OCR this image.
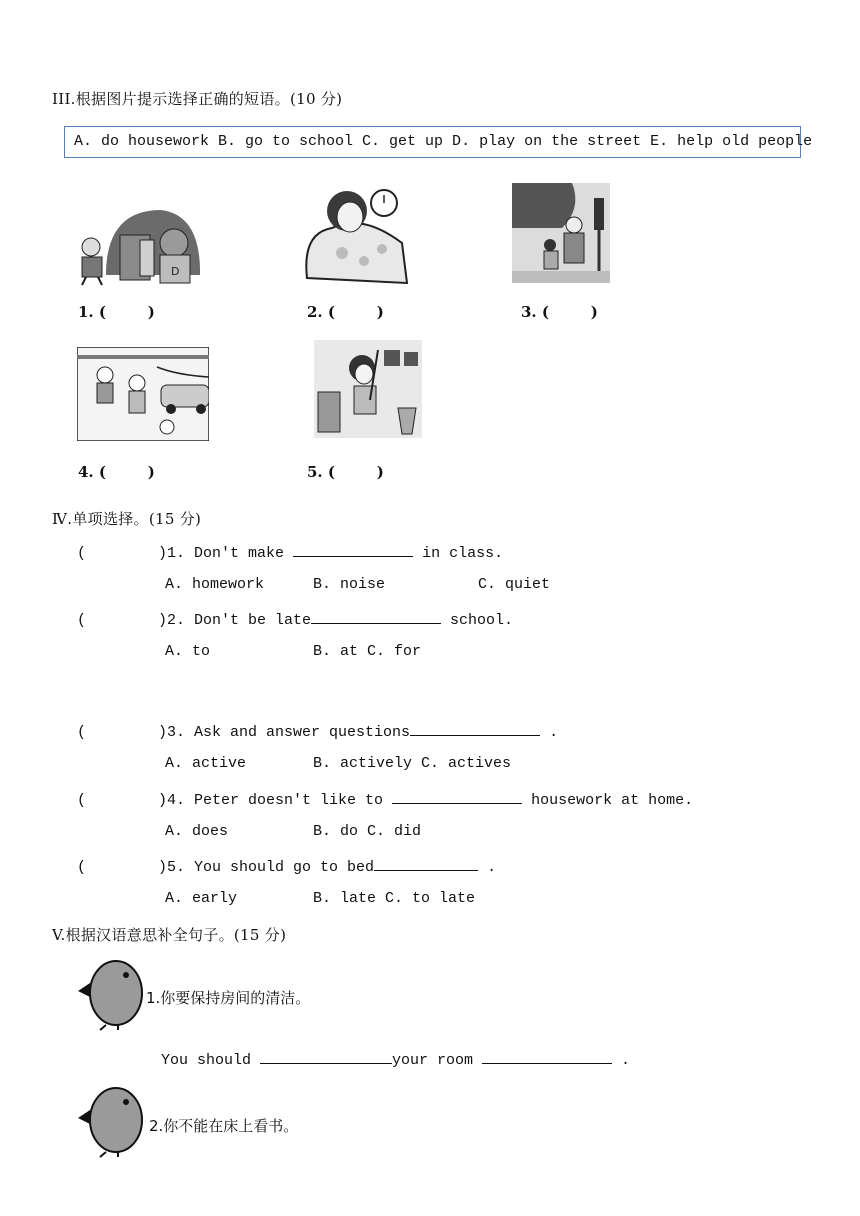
III.根据图片提示选择正确的短语。(10 分)
A. do housework B. go to school C. get up D. play on the street E. help old people
D
1. (        )	2. (        )	3. (        )
4. (        )	5. (        )
Ⅳ.单项选择。(15 分)
(        )1. Don't make	in class.
A. homework	B. noise	C. quiet
(        )2. Don't be late	school.
A. to	B. at C. for
(        )3. Ask and answer questions	.
A. active	B. actively C. actives
(        )4. Peter doesn't like to	housework at home.
A. does	B. do C. did
(        )5. You should go to bed	.
A. early	B. late C. to late
V.根据汉语意思补全句子。(15 分)
1.你要保持房间的清洁。
You should	your room	.
2.你不能在床上看书。
